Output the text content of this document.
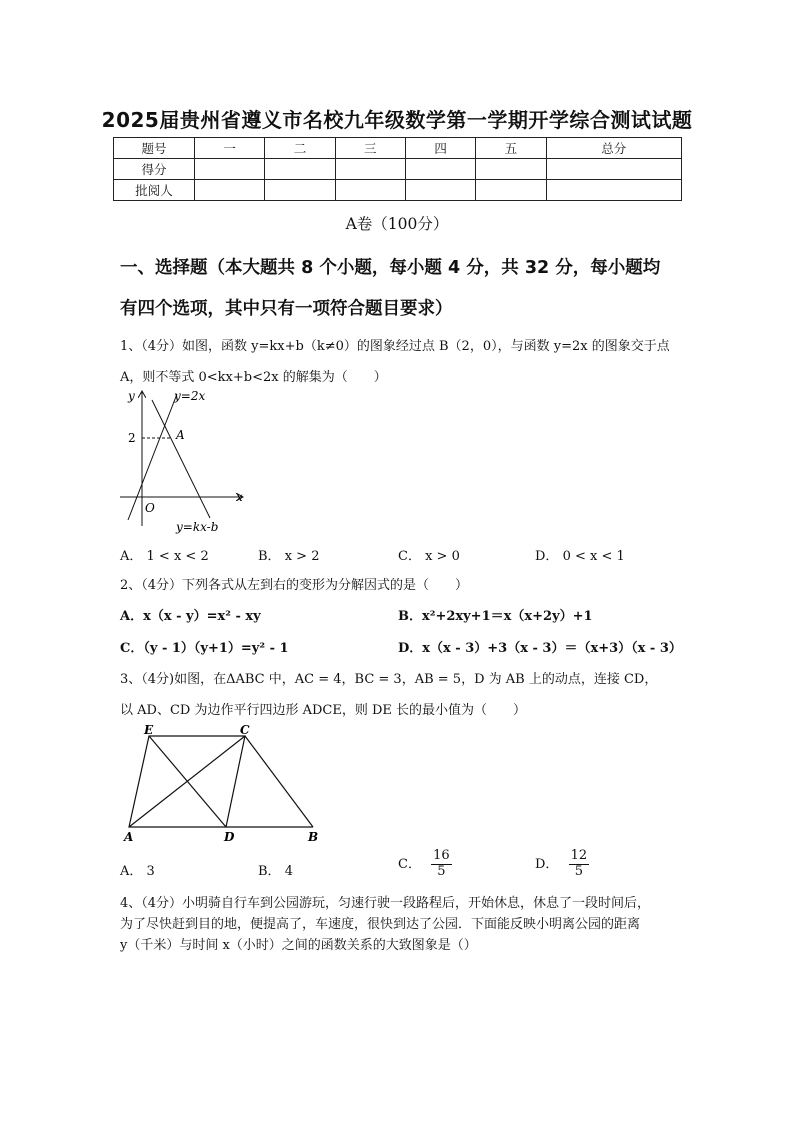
2025届贵州省遵义市名校九年级数学第一学期开学综合测试试题
题号	一	二	三	四	五	总分
得分						
批阅人						
A卷（100分）
一、选择题（本大题共 8 个小题，每小题 4 分，共 32 分，每小题均
有四个选项，其中只有一项符合题目要求）
1、（4分）如图，函数 y=kx+b（k≠0）的图象经过点 B（2，0），与函数 y=2x 的图象交于点
A，则不等式 0<kx+b<2x 的解集为（　　）
y
x
O
y=2x
y=kx-b
2	A
A． 1 < x < 2	B． x > 2	C． x > 0	D． 0 < x < 1
2、（4分）下列各式从左到右的变形为分解因式的是（　　）
A．x（x - y）=x² - xy	B．x²+2xy+1＝x（x+2y）+1
C．（y - 1）（y+1）=y² - 1	D．x（x - 3）+3（x - 3）＝（x+3）（x - 3）
3、（4分)如图，在ΔABC 中，AC = 4，BC = 3，AB = 5，D 为 AB 上的动点，连接 CD，
以 AD、CD 为边作平行四边形 ADCE，则 DE 长的最小值为（　　）
E	C
A	D	B
A． 3	B． 4	C． $\frac{16}{5}$	D． $\frac{12}{5}$
4、（4分）小明骑自行车到公园游玩，匀速行驶一段路程后，开始休息，休息了一段时间后，
为了尽快赶到目的地，便提高了，车速度，很快到达了公园．下面能反映小明离公园的距离
y（千米）与时间 x（小时）之间的函数关系的大致图象是（）
